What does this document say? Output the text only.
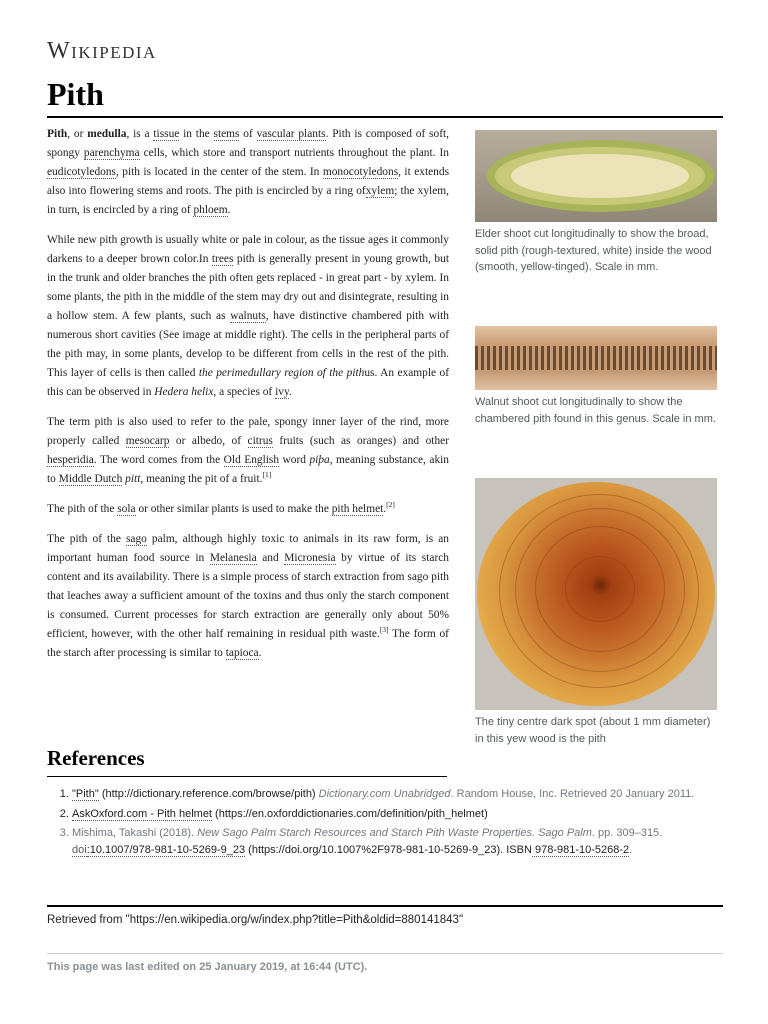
Wikipedia
Pith

Pith, or medulla, is a tissue in the stems of vascular plants. Pith is composed of soft, spongy parenchyma cells, which store and transport nutrients throughout the plant. In eudicotyledons, pith is located in the center of the stem. In monocotyledons, it extends also into flowering stems and roots. The pith is encircled by a ring ofxylem; the xylem, in turn, is encircled by a ring of phloem.

While new pith growth is usually white or pale in colour, as the tissue ages it commonly darkens to a deeper brown color.In trees pith is generally present in young growth, but in the trunk and older branches the pith often gets replaced - in great part - by xylem. In some plants, the pith in the middle of the stem may dry out and disintegrate, resulting in a hollow stem. A few plants, such as walnuts, have distinctive chambered pith with numerous short cavities (See image at middle right). The cells in the peripheral parts of the pith may, in some plants, develop to be different from cells in the rest of the pith. This layer of cells is then called the perimedullary region of the pithus. An example of this can be observed in Hedera helix, a species of ivy.

The term pith is also used to refer to the pale, spongy inner layer of the rind, more properly called mesocarp or albedo, of citrus fruits (such as oranges) and other hesperidia. The word comes from the Old English word piþa, meaning substance, akin to Middle Dutch pitt, meaning the pit of a fruit.[1]

The pith of the sola or other similar plants is used to make the pith helmet.[2]

The pith of the sago palm, although highly toxic to animals in its raw form, is an important human food source in Melanesia and Micronesia by virtue of its starch content and its availability. There is a simple process of starch extraction from sago pith that leaches away a sufficient amount of the toxins and thus only the starch component is consumed. Current processes for starch extraction are generally only about 50% efficient, however, with the other half remaining in residual pith waste.[3] The form of the starch after processing is similar to tapioca.

Elder shoot cut longitudinally to show the broad, solid pith (rough-textured, white) inside the wood (smooth, yellow-tinged). Scale in mm.
Walnut shoot cut longitudinally to show the chambered pith found in this genus. Scale in mm.
The tiny centre dark spot (about 1 mm diameter) in this yew wood is the pith
References
1. "Pith" (http://dictionary.reference.com/browse/pith) Dictionary.com Unabridged. Random House, Inc. Retrieved 20 January 2011.
2. AskOxford.com - Pith helmet (https://en.oxforddictionaries.com/definition/pith_helmet)
3. Mishima, Takashi (2018). New Sago Palm Starch Resources and Starch Pith Waste Properties. Sago Palm. pp. 309–315. doi:10.1007/978-981-10-5269-9_23 (https://doi.org/10.1007%2F978-981-10-5269-9_23). ISBN 978-981-10-5268-2.
Retrieved from "https://en.wikipedia.org/w/index.php?title=Pith&oldid=880141843"
This page was last edited on 25 January 2019, at 16:44 (UTC).
